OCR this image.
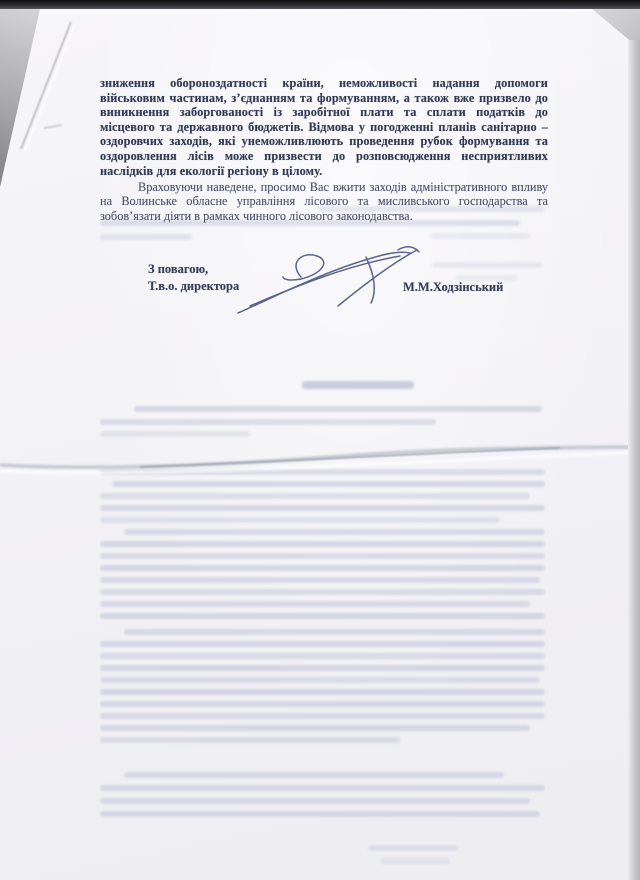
зниження обороноздатності країни, неможливості надання допомоги військовим частинам, з’єднанням та формуванням, а також вже призвело до виникнення заборгованості із заробітної плати та сплати податків до місцевого та державного бюджетів. Відмова у погодженні планів санітарно – оздоровчих заходів, які унеможливлюють проведення рубок формування та оздоровлення лісів може призвести до розповсюдження несприятливих наслідків для екології регіону в цілому.

Враховуючи наведене, просимо Вас вжити заходів адміністративного впливу на Волинське обласне управління лісового та мисливського господарства та зобов’язати діяти в рамках чинного лісового законодавства.

З повагою,
Т.в.о. директора	М.М.Ходзінський
